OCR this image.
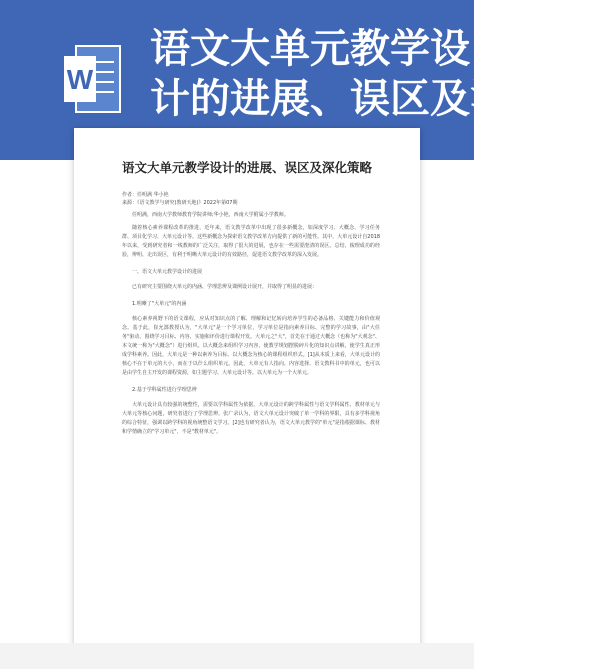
W
语文大单元教学设
计的进展、误区及深化策
语文大单元教学设计的进展、误区及深化策略
作者：任明满 华小艳
来源：《语文教学与研究(教研天地)》2022年第07期

任明满，西南大学教师教育学院讲师;华小艳，西南大学附属小学教师。

随着核心素养课程改革的推进，近年来，语文教学改革中出现了很多新概念，如深度学习、大概念、学习任务群、项目化学习、大单元设计等。这些新概念为探索语文教学改革方向提供了新的可能性。其中，大单元设计自2018年以来，受到研究者和一线教师的广泛关注，取得了很大的进展，也存在一些需要澄清的误区。总结、梳理成功的经验，辨明、走出误区，有利于明晰大单元设计的有效路径，促进语文教学改革的深入发展。

一、语文大单元教学设计的进展

已有研究主要围绕大单元的内涵、学理思辨及课例设计展开，并取得了明显的进展：

1.明晰了"大单元"的内涵

核心素养视野下的语文课程，应从对知识点的了解、理解和记忆转向培养学生的必备品格、关键能力和价值观念。基于此，崔允漷教授认为，"大单元"是一个学习单位，学习单位是指向素养目标、完整的学习故事，由"大任务"驱动、围绕学习目标、内容、实施和评价进行课程开发。大单元之"大"，首先在于通过大概念（也称为"大观念"、本文统一称为"大概念"）进行组织。以大概念来组织学习内容，使教学规划摆脱碎片化的知识点讲解，使学生真正形成学科素养。因此，大单元是一种以素养为目标、以大概念为核心的课程组织形式。[1]从本质上来看，大单元设计的核心不在于单元的大小，而在于以什么组织单元。因此，大单元有人指向、内容选择、语文教科书中的单元，也可以是由学生自主开发的课程资源，如主题学习、大单元设计等。以大单元为一个大单元。

2.基于学科属性进行学理思辨

大单元设计具有较强的统整性，需要以学科属性为依据。大单元设计的跨学科属性与语文学科属性、教材单元与大单元等核心问题，研究者进行了学理思辨。张广录认为，语文大单元设计突破了单一学科的界限，具有多学科视角的综合特征，强调以跨学科的视角统整语文学习。[2]也有研究者认为，语文大单元教学的"单元"是指根据课标、教材和学情确立的"学习单元"，不是"教材单元"。
